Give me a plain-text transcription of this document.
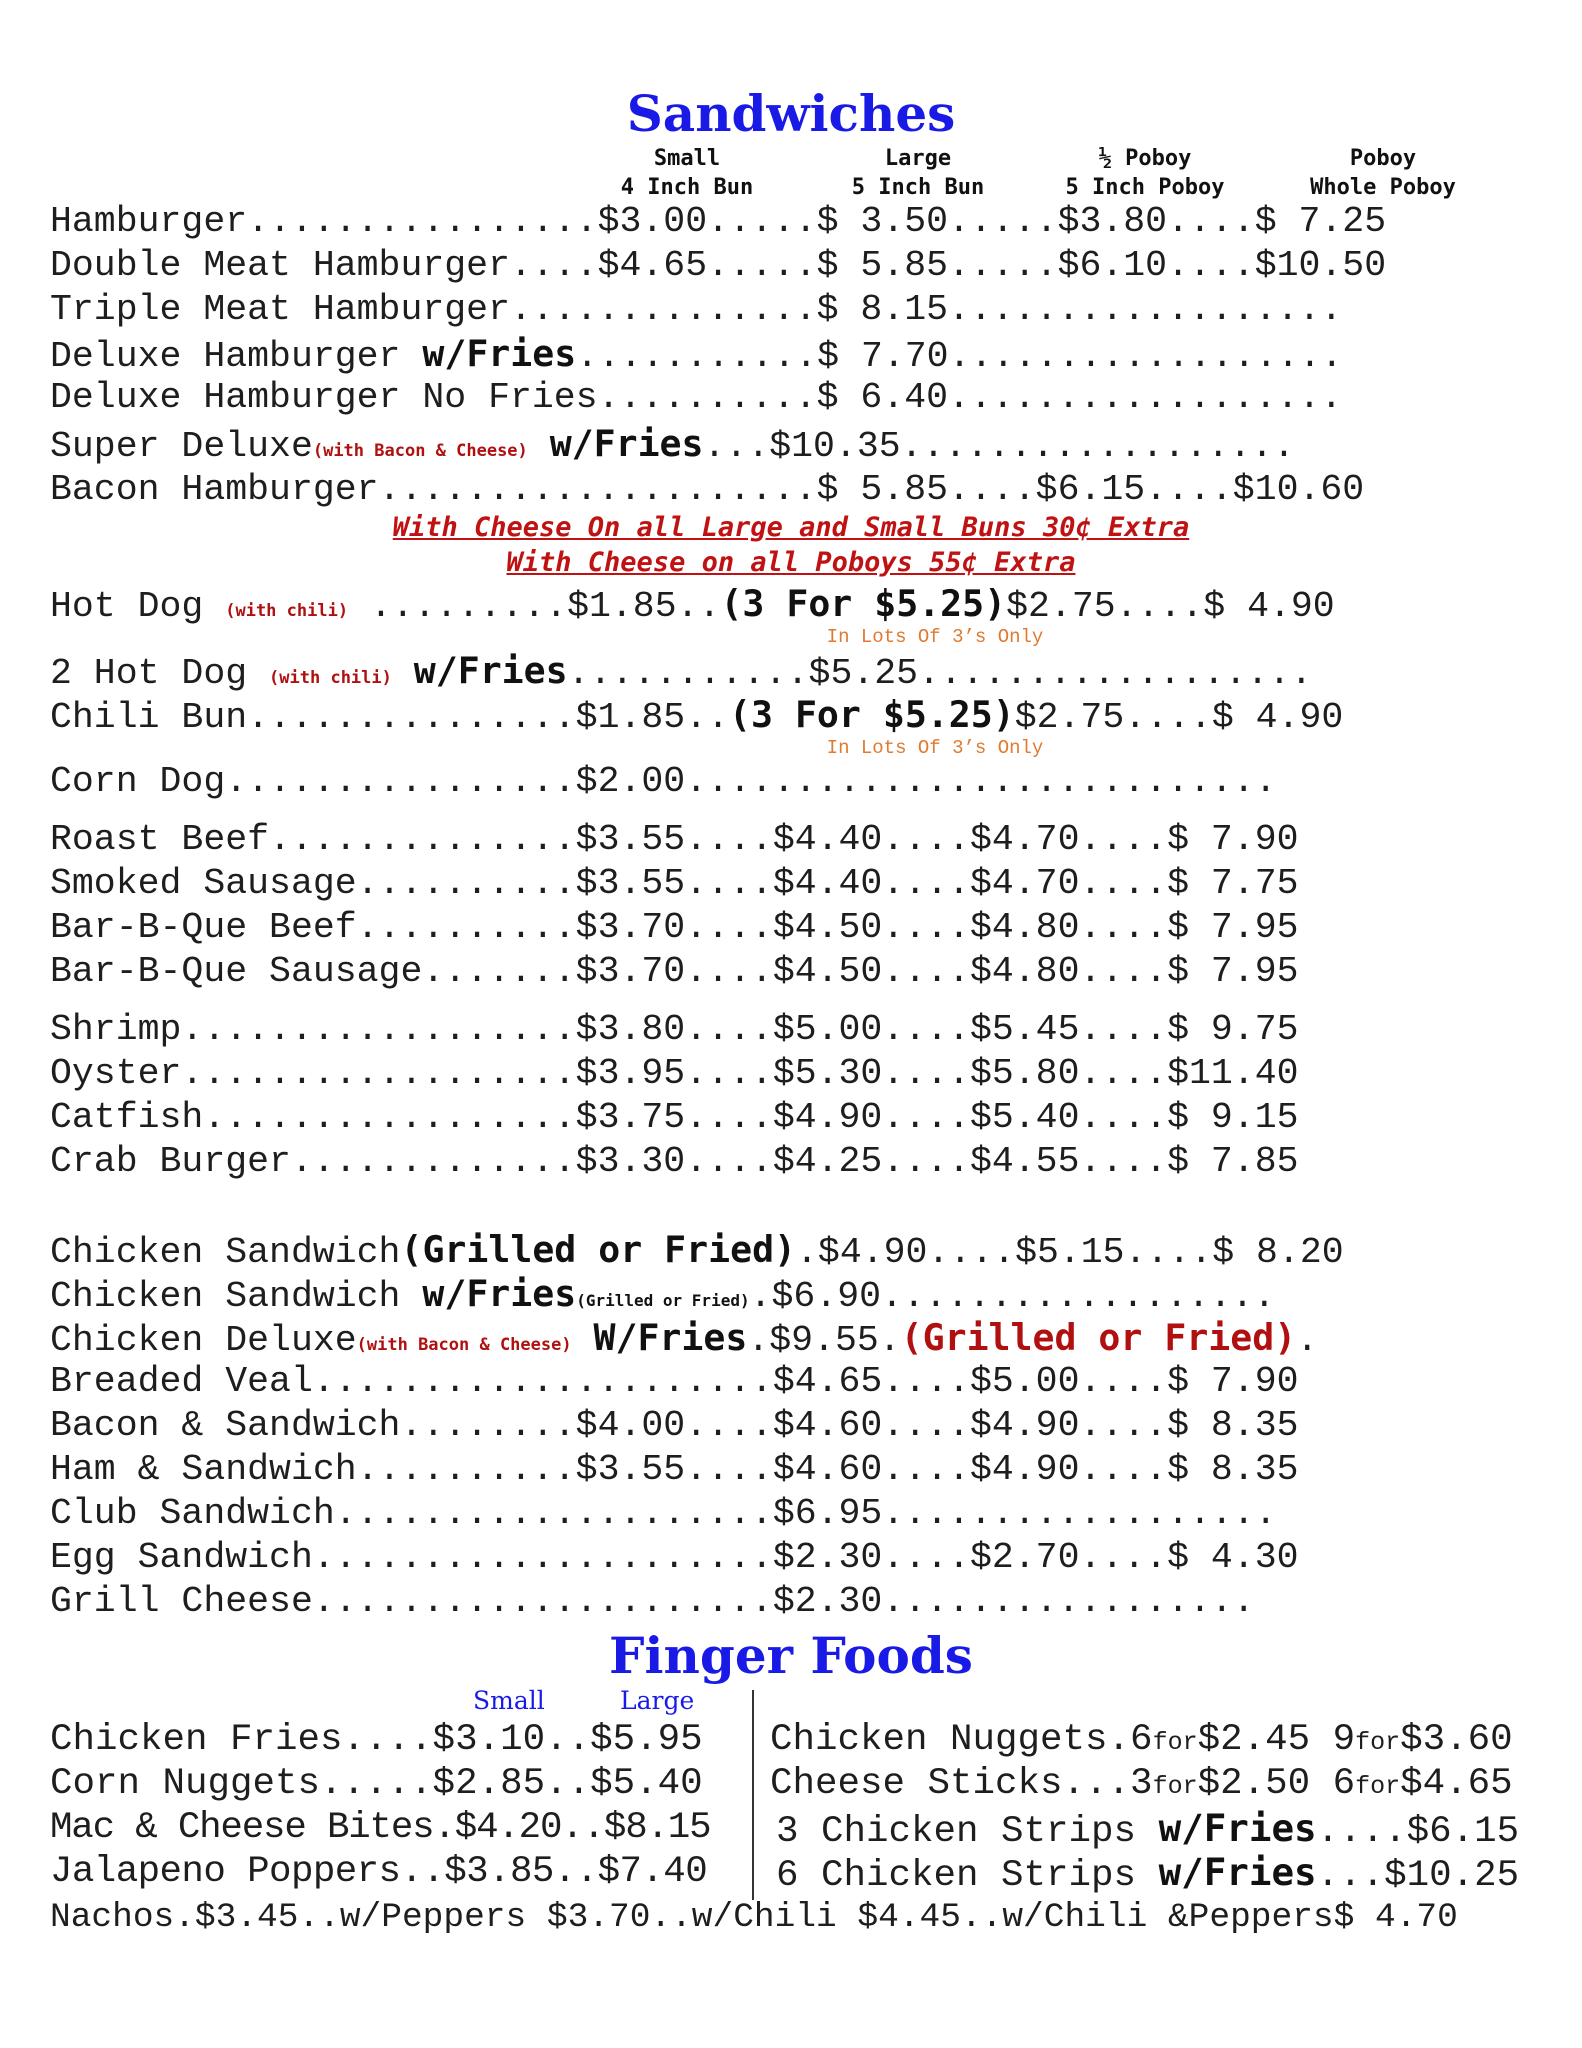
Sandwiches
Small
4 Inch Bun
Large
5 Inch Bun
½ Poboy
5 Inch Poboy
Poboy
Whole Poboy
Hamburger................$3.00.....$ 3.50.....$3.80....$ 7.25
Double Meat Hamburger....$4.65.....$ 5.85.....$6.10....$10.50
Triple Meat Hamburger..............$ 8.15..................
Deluxe Hamburger w/Fries...........$ 7.70..................
Deluxe Hamburger No Fries..........$ 6.40..................
Super Deluxe(with Bacon & Cheese) w/Fries...$10.35..................
Bacon Hamburger....................$ 5.85....$6.15....$10.60
With Cheese On all Large and Small Buns 30¢ Extra
With Cheese on all Poboys 55¢ Extra
Hot Dog (with chili) .........$1.85..(3 For $5.25)$2.75....$ 4.90
In Lots Of 3’s Only
2 Hot Dog (with chili) w/Fries...........$5.25..................
Chili Bun...............$1.85..(3 For $5.25)$2.75....$ 4.90
In Lots Of 3’s Only
Corn Dog................$2.00...........................
Roast Beef..............$3.55....$4.40....$4.70....$ 7.90
Smoked Sausage..........$3.55....$4.40....$4.70....$ 7.75
Bar-B-Que Beef..........$3.70....$4.50....$4.80....$ 7.95
Bar-B-Que Sausage.......$3.70....$4.50....$4.80....$ 7.95
Shrimp..................$3.80....$5.00....$5.45....$ 9.75
Oyster..................$3.95....$5.30....$5.80....$11.40
Catfish.................$3.75....$4.90....$5.40....$ 9.15
Crab Burger.............$3.30....$4.25....$4.55....$ 7.85
Chicken Sandwich(Grilled or Fried).$4.90....$5.15....$ 8.20
Chicken Sandwich w/Fries(Grilled or Fried).$6.90..................
Chicken Deluxe(with Bacon & Cheese) W/Fries.$9.55.(Grilled or Fried).
Breaded Veal.....................$4.65....$5.00....$ 7.90
Bacon & Sandwich........$4.00....$4.60....$4.90....$ 8.35
Ham & Sandwich..........$3.55....$4.60....$4.90....$ 8.35
Club Sandwich....................$6.95..................
Egg Sandwich.....................$2.30....$2.70....$ 4.30
Grill Cheese.....................$2.30.................
Finger Foods
Small	Large
Chicken Fries....$3.10..$5.95
Corn Nuggets.....$2.85..$5.40
Mac & Cheese Bites.$4.20..$8.15
Jalapeno Poppers..$3.85..$7.40
Chicken Nuggets.6for$2.45 9for$3.60
Cheese Sticks...3for$2.50 6for$4.65
3 Chicken Strips w/Fries....$6.15
6 Chicken Strips w/Fries...$10.25
Nachos.$3.45..w/Peppers $3.70..w/Chili $4.45..w/Chili &Peppers$ 4.70
